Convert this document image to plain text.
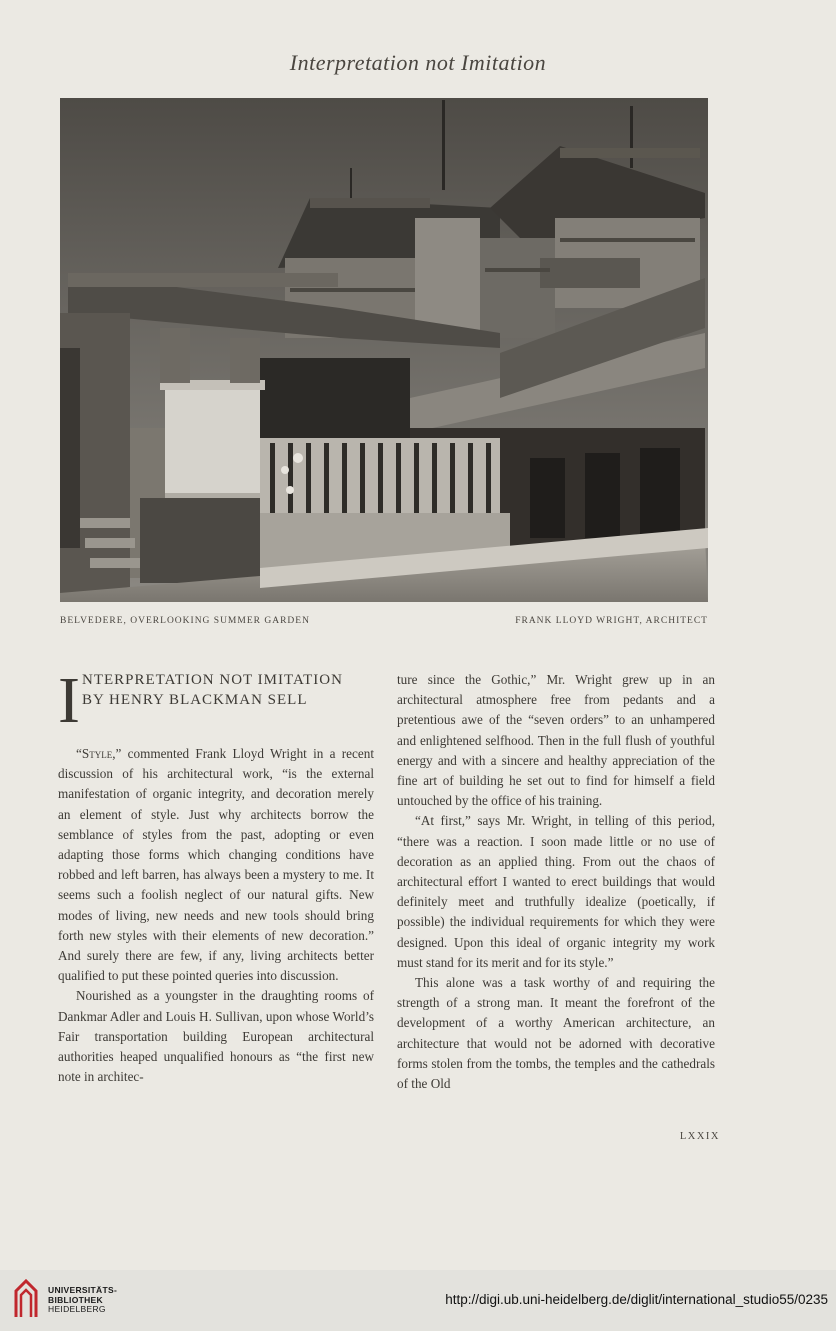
Interpretation not Imitation
BELVEDERE, OVERLOOKING SUMMER GARDEN	FRANK LLOYD WRIGHT, ARCHITECT
I NTERPRETATION NOT IMITATION
BY HENRY BLACKMAN SELL

“Style,” commented Frank Lloyd Wright in a recent discussion of his architectural work, “is the external manifestation of organic integrity, and decoration merely an element of style. Just why architects borrow the semblance of styles from the past, adopting or even adapting those forms which changing conditions have robbed and left barren, has always been a mystery to me. It seems such a foolish neglect of our natural gifts. New modes of living, new needs and new tools should bring forth new styles with their elements of new decoration.” And surely there are few, if any, living architects better qualified to put these pointed queries into discussion.

Nourished as a youngster in the draughting rooms of Dankmar Adler and Louis H. Sullivan, upon whose World’s Fair transportation building European architectural authorities heaped unqualified honours as “the first new note in architec-

ture since the Gothic,” Mr. Wright grew up in an architectural atmosphere free from pedants and a pretentious awe of the “seven orders” to an unhampered and enlightened selfhood. Then in the full flush of youthful energy and with a sincere and healthy appreciation of the fine art of building he set out to find for himself a field untouched by the office of his training.

“At first,” says Mr. Wright, in telling of this period, “there was a reaction. I soon made little or no use of decoration as an applied thing. From out the chaos of architectural effort I wanted to erect buildings that would definitely meet and truthfully idealize (poetically, if possible) the individual requirements for which they were designed. Upon this ideal of organic integrity my work must stand for its merit and for its style.”

This alone was a task worthy of and requiring the strength of a strong man. It meant the forefront of the development of a worthy American architecture, an architecture that would not be adorned with decorative forms stolen from the tombs, the temples and the cathedrals of the Old

LXXIX
UNIVERSITÄTS-
BIBLIOTHEK
HEIDELBERG
http://digi.ub.uni-heidelberg.de/diglit/international_studio55/0235
